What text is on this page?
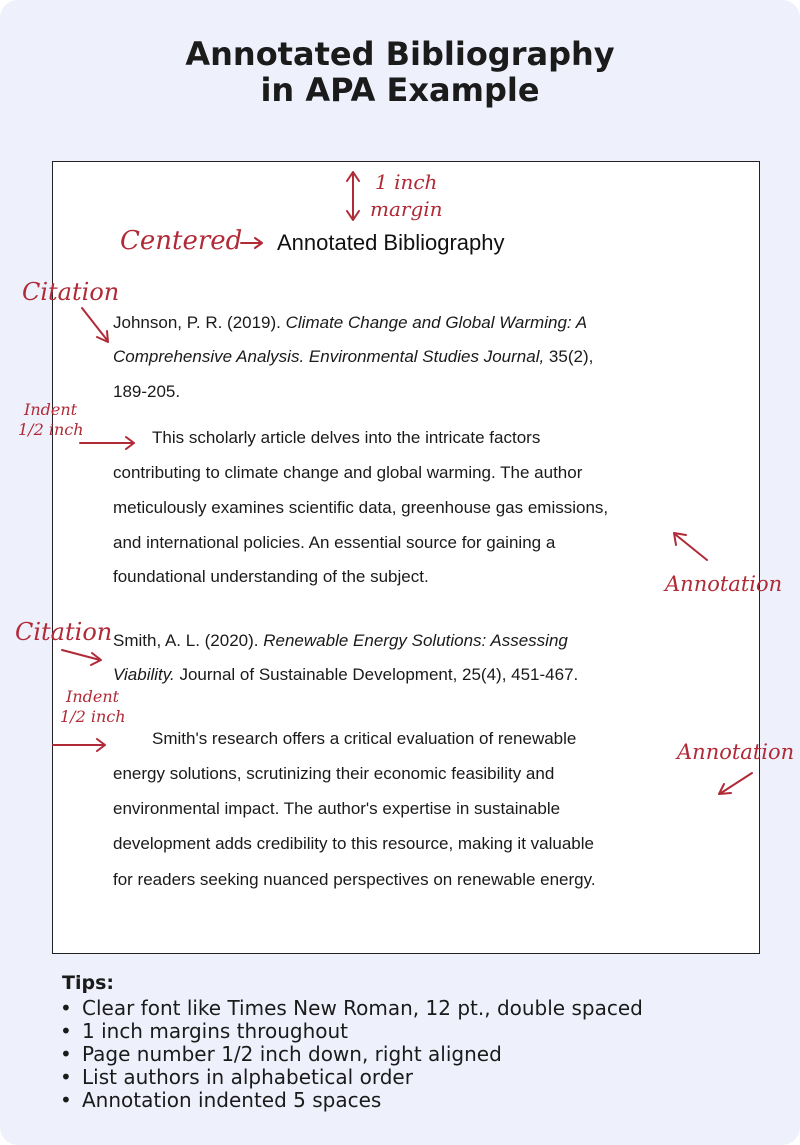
Annotated Bibliography
in APA Example
Annotated Bibliography
Johnson, P. R. (2019). Climate Change and Global Warming: A
Comprehensive Analysis. Environmental Studies Journal, 35(2),
189-205.
This scholarly article delves into the intricate factors
contributing to climate change and global warming. The author
meticulously examines scientific data, greenhouse gas emissions,
and international policies. An essential source for gaining a
foundational understanding of the subject.
Smith, A. L. (2020). Renewable Energy Solutions: Assessing
Viability. Journal of Sustainable Development, 25(4), 451-467.
Smith's research offers a critical evaluation of renewable
energy solutions, scrutinizing their economic feasibility and
environmental impact. The author's expertise in sustainable
development adds credibility to this resource, making it valuable
for readers seeking nuanced perspectives on renewable energy.
1 inch
margin
Centered
Citation
Indent
1/2 inch
Annotation
Citation
Indent
1/2 inch
Annotation
Tips:
• Clear font like Times New Roman, 12 pt., double spaced
• 1 inch margins throughout
• Page number 1/2 inch down, right aligned
• List authors in alphabetical order
• Annotation indented 5 spaces
